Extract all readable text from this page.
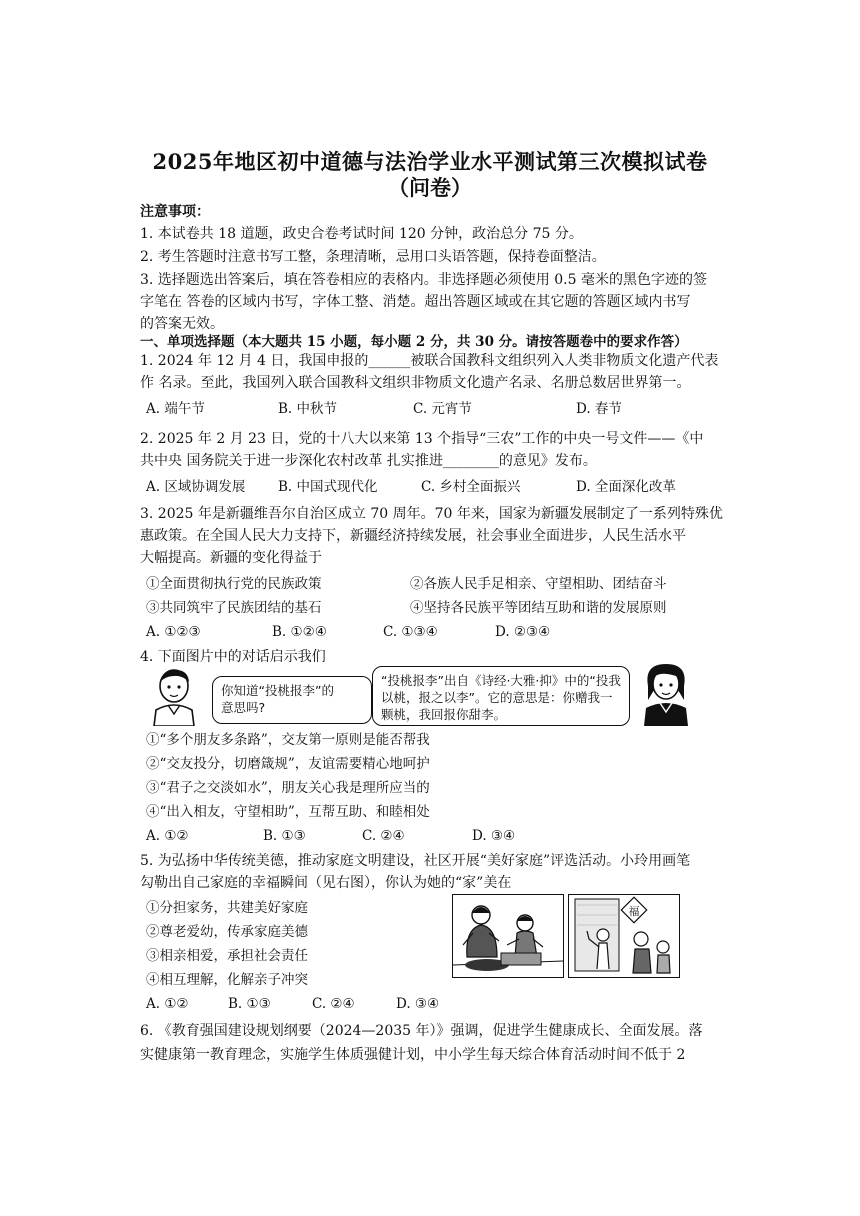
2025年地区初中道德与法治学业水平测试第三次模拟试卷
（问卷）
注意事项：
1. 本试卷共 18 道题，政史合卷考试时间 120 分钟，政治总分 75 分。
2. 考生答题时注意书写工整，条理清晰，忌用口头语答题，保持卷面整洁。
3. 选择题选出答案后，填在答卷相应的表格内。非选择题必须使用 0.5 毫米的黑色字迹的签
字笔在 答卷的区域内书写，字体工整、消楚。超出答题区域或在其它题的答题区域内书写
的答案无效。
一、单项选择题（本大题共 15 小题，每小题 2 分，共 30 分。请按答题卷中的要求作答）
1. 2024 年 12 月 4 日，我国申报的______被联合国教科文组织列入人类非物质文化遗产代表
作 名录。至此，我国列入联合国教科文组织非物质文化遗产名录、名册总数居世界第一。
A. 端午节	B. 中秋节	C. 元宵节	D. 春节
2. 2025 年 2 月 23 日，党的十八大以来第 13 个指导“三农”工作的中央一号文件——《中
共中央 国务院关于进一步深化农村改革 扎实推进________的意见》发布。
A. 区域协调发展 B. 中国式现代化	C. 乡村全面振兴	D. 全面深化改革
3. 2025 年是新疆维吾尔自治区成立 70 周年。70 年来，国家为新疆发展制定了一系列特殊优
惠政策。在全国人民大力支持下，新疆经济持续发展，社会事业全面进步，人民生活水平
大幅提高。新疆的变化得益于
①全面贯彻执行党的民族政策	②各族人民手足相亲、守望相助、团结奋斗
③共同筑牢了民族团结的基石	④坚持各民族平等团结互助和谐的发展原则
A. ①②③	B. ①②④	C. ①③④	D. ②③④
4. 下面图片中的对话启示我们
你知道“投桃报李”的
意思吗?
“投桃报李”出自《诗经·大雅·抑》中的“投我
以桃，报之以李”。它的意思是：你赠我一
颗桃，我回报你甜李。
①“多个朋友多条路”，交友第一原则是能否帮我
②“交友投分，切磨箴规”，友谊需要精心地呵护
③“君子之交淡如水”，朋友关心我是理所应当的
④“出入相友，守望相助”，互帮互助、和睦相处
A. ①②	B. ①③	C. ②④	D. ③④
5. 为弘扬中华传统美德，推动家庭文明建设，社区开展“美好家庭”评选活动。小玲用画笔
勾勒出自己家庭的幸福瞬间（见右图），你认为她的“家”美在
①分担家务，共建美好家庭
②尊老爱幼，传承家庭美德
③相亲相爱，承担社会责任
④相互理解，化解亲子冲突
福
A. ①②	B. ①③	C. ②④	D. ③④
6. 《教育强国建设规划纲要（2024—2035 年）》强调，促进学生健康成长、全面发展。落
实健康第一教育理念，实施学生体质强健计划，中小学生每天综合体育活动时间不低于 2
